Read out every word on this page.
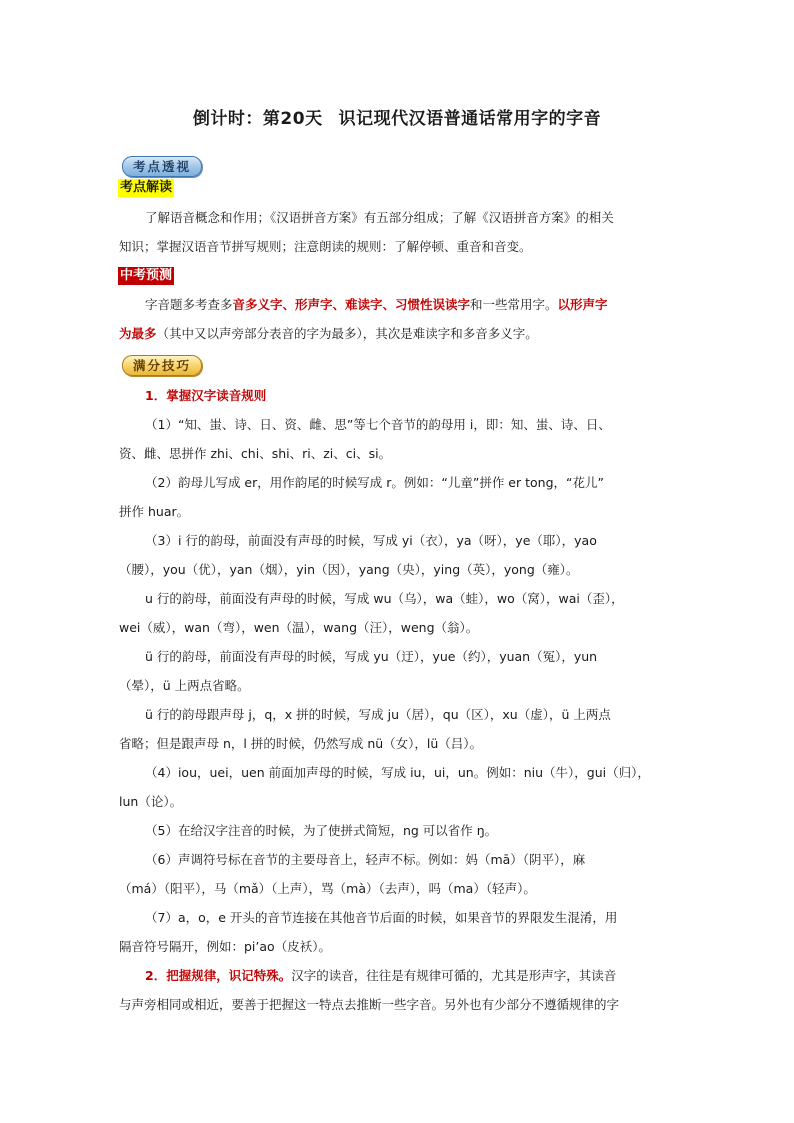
倒计时：第20天 识记现代汉语普通话常用字的字音
考点透视
考点解读
了解语音概念和作用；《汉语拼音方案》有五部分组成；了解《汉语拼音方案》的相关
知识；掌握汉语音节拼写规则；注意朗读的规则：了解停顿、重音和音变。
中考预测
字音题多考查多音多义字、形声字、难读字、习惯性误读字和一些常用字。以形声字
为最多（其中又以声旁部分表音的字为最多），其次是难读字和多音多义字。
满分技巧
1．掌握汉字读音规则
（1）“知、蚩、诗、日、资、雌、思”等七个音节的韵母用 i，即：知、蚩、诗、日、
资、雌、思拼作 zhi、chi、shi、ri、zi、ci、si。
（2）韵母儿写成 er，用作韵尾的时候写成 r。例如：“儿童”拼作 er tong，“花儿”
拼作 huar。
（3）i 行的韵母，前面没有声母的时候，写成 yi（衣），ya（呀），ye（耶），yao
（腰），you（优），yan（烟），yin（因），yang（央），ying（英），yong（雍）。
u 行的韵母，前面没有声母的时候，写成 wu（乌），wa（蛙），wo（窝），wai（歪），
wei（威），wan（弯），wen（温），wang（汪），weng（翁）。
ü 行的韵母，前面没有声母的时候，写成 yu（迂），yue（约），yuan（冤），yun
（晕），ü 上两点省略。
ü 行的韵母跟声母 j，q，x 拼的时候，写成 ju（居），qu（区），xu（虚），ü 上两点
省略；但是跟声母 n，l 拼的时候，仍然写成 nü（女），lü（吕）。
（4）iou，uei，uen 前面加声母的时候，写成 iu，ui，un。例如：niu（牛），gui（归），
lun（论）。
（5）在给汉字注音的时候，为了使拼式简短，ng 可以省作 ŋ。
（6）声调符号标在音节的主要母音上，轻声不标。例如：妈（mā）（阴平），麻
（má）（阳平），马（mǎ）（上声），骂（mà）（去声），吗（ma）（轻声）。
（7）a，o，e 开头的音节连接在其他音节后面的时候，如果音节的界限发生混淆，用
隔音符号隔开，例如：pi’ao（皮袄）。
2．把握规律，识记特殊。汉字的读音，往往是有规律可循的，尤其是形声字，其读音
与声旁相同或相近，要善于把握这一特点去推断一些字音。另外也有少部分不遵循规律的字
